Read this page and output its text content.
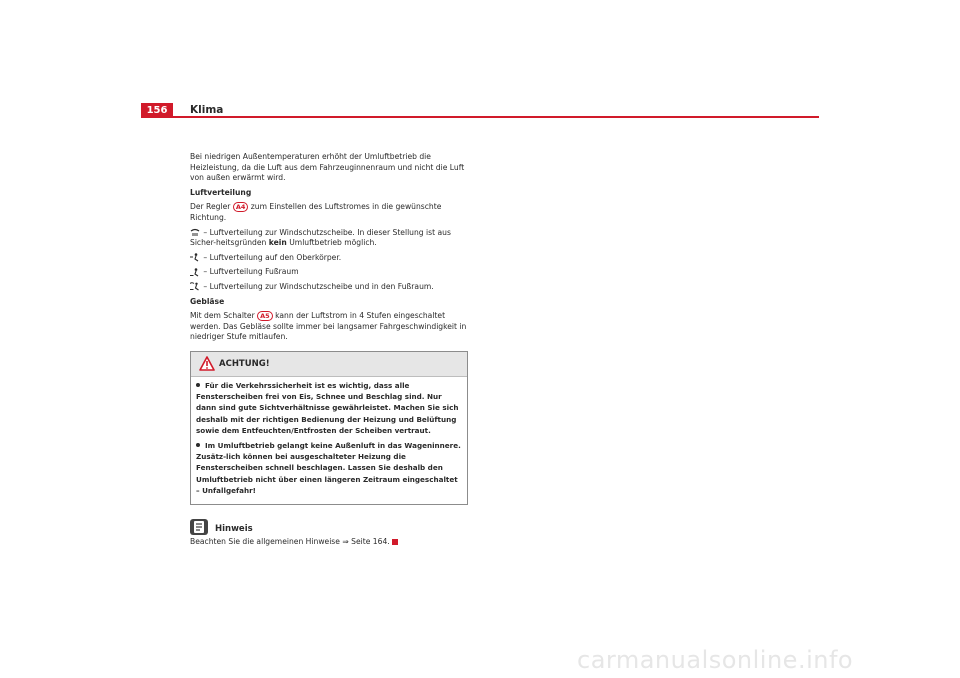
156	Klima

Bei niedrigen Außentemperaturen erhöht der Umluftbetrieb die Heizleistung, da die Luft aus dem Fahrzeuginnenraum und nicht die Luft von außen erwärmt wird.

Luftverteilung

Der Regler A4 zum Einstellen des Luftstromes in die gewünschte Richtung.

– Luftverteilung zur Windschutzscheibe. In dieser Stellung ist aus Sicher-heitsgründen kein Umluftbetrieb möglich.

– Luftverteilung auf den Oberkörper.

– Luftverteilung Fußraum

– Luftverteilung zur Windschutzscheibe und in den Fußraum.

Gebläse

Mit dem Schalter A5 kann der Luftstrom in 4 Stufen eingeschaltet werden. Das Gebläse sollte immer bei langsamer Fahrgeschwindigkeit in niedriger Stufe mitlaufen.

ACHTUNG!

Für die Verkehrssicherheit ist es wichtig, dass alle Fensterscheiben frei von Eis, Schnee und Beschlag sind. Nur dann sind gute Sichtverhältnisse gewährleistet. Machen Sie sich deshalb mit der richtigen Bedienung der Heizung und Belüftung sowie dem Entfeuchten/Entfrosten der Scheiben vertraut.

Im Umluftbetrieb gelangt keine Außenluft in das Wageninnere. Zusätz-lich können bei ausgeschalteter Heizung die Fensterscheiben schnell beschlagen. Lassen Sie deshalb den Umluftbetrieb nicht über einen längeren Zeitraum eingeschaltet – Unfallgefahr!

Hinweis

Beachten Sie die allgemeinen Hinweise ⇒ Seite 164.

carmanualsonline.info
